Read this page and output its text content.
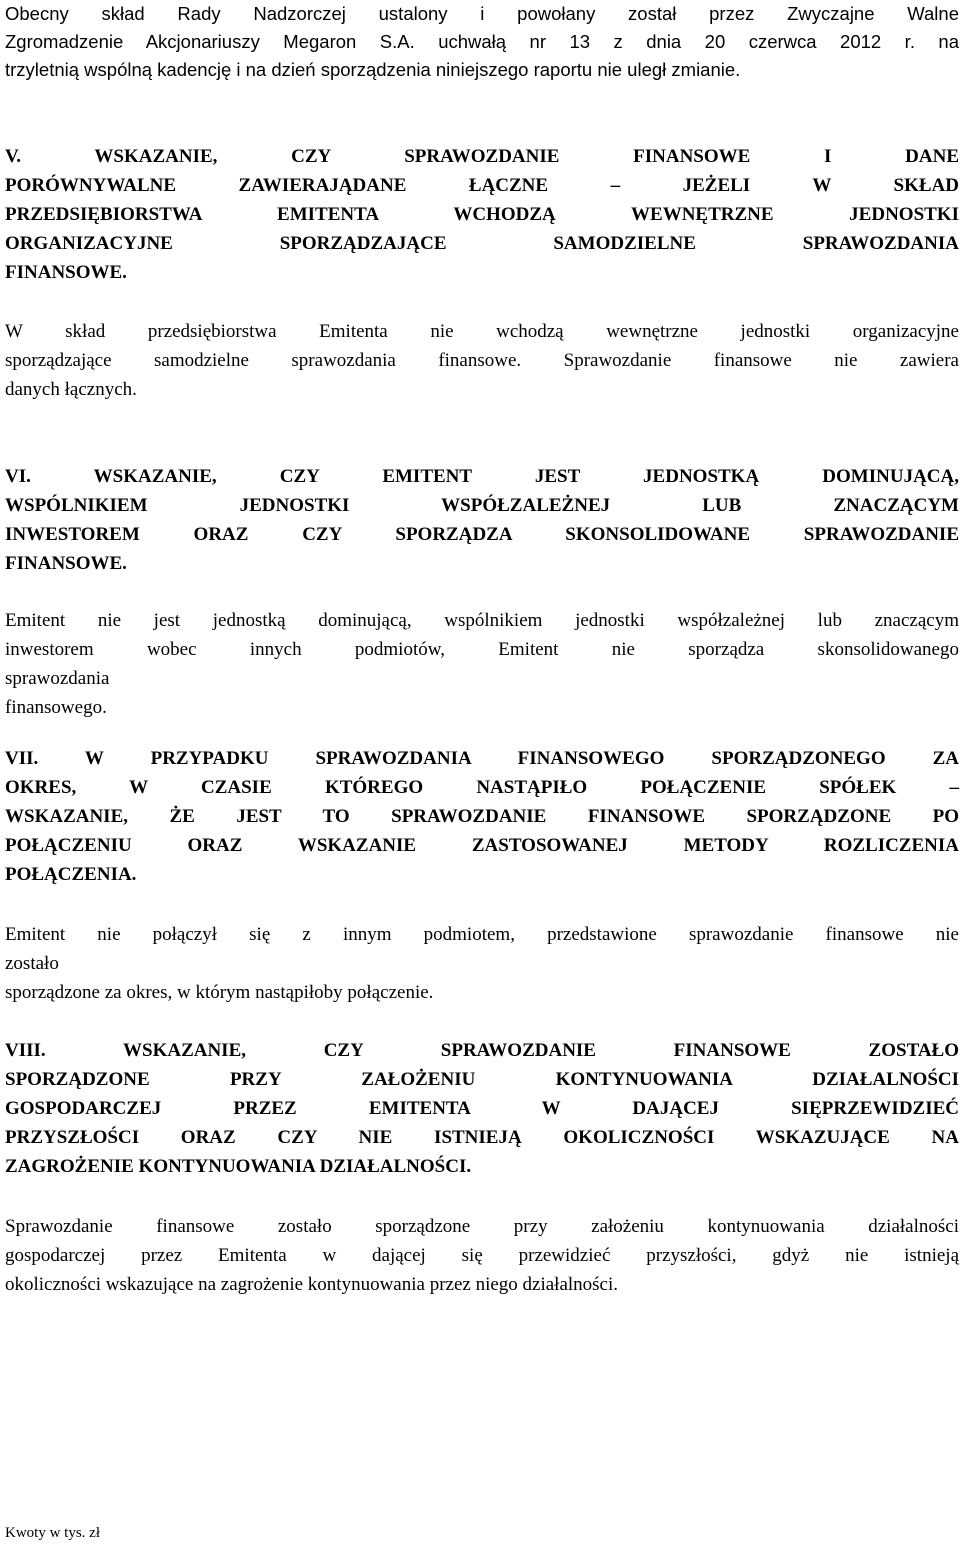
Obecny skład Rady Nadzorczej ustalony i powołany został przez Zwyczajne Walne
Zgromadzenie Akcjonariuszy Megaron S.A. uchwałą nr 13 z dnia 20 czerwca 2012 r. na
trzyletnią wspólną kadencję i na dzień sporządzenia niniejszego raportu nie uległ zmianie.
V. WSKAZANIE, CZY SPRAWOZDANIE FINANSOWE I DANE
PORÓWNYWALNE ZAWIERAJĄDANE ŁĄCZNE – JEŻELI W SKŁAD
PRZEDSIĘBIORSTWA EMITENTA WCHODZĄ WEWNĘTRZNE JEDNOSTKI
ORGANIZACYJNE SPORZĄDZAJĄCE SAMODZIELNE SPRAWOZDANIA
FINANSOWE.
W skład przedsiębiorstwa Emitenta nie wchodzą wewnętrzne jednostki organizacyjne
sporządzające samodzielne sprawozdania finansowe. Sprawozdanie finansowe nie zawiera
danych łącznych.
VI. WSKAZANIE, CZY EMITENT JEST JEDNOSTKĄ DOMINUJĄCĄ,
WSPÓLNIKIEM JEDNOSTKI WSPÓŁZALEŻNEJ LUB ZNACZĄCYM
INWESTOREM ORAZ CZY SPORZĄDZA SKONSOLIDOWANE SPRAWOZDANIE
FINANSOWE.
Emitent nie jest jednostką dominującą, wspólnikiem jednostki współzależnej lub znaczącym
inwestorem wobec innych podmiotów, Emitent nie sporządza skonsolidowanego
sprawozdania
finansowego.
VII. W PRZYPADKU SPRAWOZDANIA FINANSOWEGO SPORZĄDZONEGO ZA
OKRES, W CZASIE KTÓREGO NASTĄPIŁO POŁĄCZENIE SPÓŁEK –
WSKAZANIE, ŻE JEST TO SPRAWOZDANIE FINANSOWE SPORZĄDZONE PO
POŁĄCZENIU ORAZ WSKAZANIE ZASTOSOWANEJ METODY ROZLICZENIA
POŁĄCZENIA.
Emitent nie połączył się z innym podmiotem, przedstawione sprawozdanie finansowe nie
zostało
sporządzone za okres, w którym nastąpiłoby połączenie.
VIII. WSKAZANIE, CZY SPRAWOZDANIE FINANSOWE ZOSTAŁO
SPORZĄDZONE PRZY ZAŁOŻENIU KONTYNUOWANIA DZIAŁALNOŚCI
GOSPODARCZEJ PRZEZ EMITENTA W DAJĄCEJ SIĘPRZEWIDZIEĆ
PRZYSZŁOŚCI ORAZ CZY NIE ISTNIEJĄ OKOLICZNOŚCI WSKAZUJĄCE NA
ZAGROŻENIE KONTYNUOWANIA DZIAŁALNOŚCI.
Sprawozdanie finansowe zostało sporządzone przy założeniu kontynuowania działalności
gospodarczej przez Emitenta w dającej się przewidzieć przyszłości, gdyż nie istnieją
okoliczności wskazujące na zagrożenie kontynuowania przez niego działalności.

Kwoty w tys. zł
